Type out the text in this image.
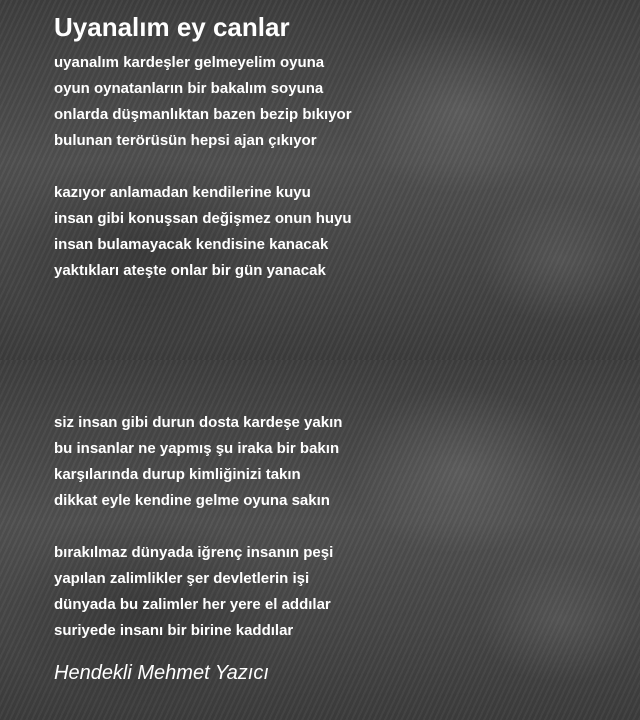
Uyanalım ey canlar
uyanalım kardeşler gelmeyelim oyuna
oyun oynatanların bir bakalım soyuna
onlarda düşmanlıktan bazen bezip bıkıyor
bulunan terörüsün hepsi ajan çıkıyor
kazıyor anlamadan kendilerine kuyu
insan gibi konuşsan değişmez onun huyu
insan bulamayacak kendisine kanacak
yaktıkları ateşte onlar bir gün yanacak
siz insan gibi durun dosta kardeşe yakın
bu insanlar ne yapmış şu iraka bir bakın
karşılarında durup kimliğinizi takın
dikkat eyle kendine gelme oyuna sakın
bırakılmaz dünyada iğrenç insanın peşi
yapılan zalimlikler şer devletlerin işi
dünyada bu zalimler her yere el addılar
suriyede insanı bir birine kaddılar
Hendekli Mehmet Yazıcı
